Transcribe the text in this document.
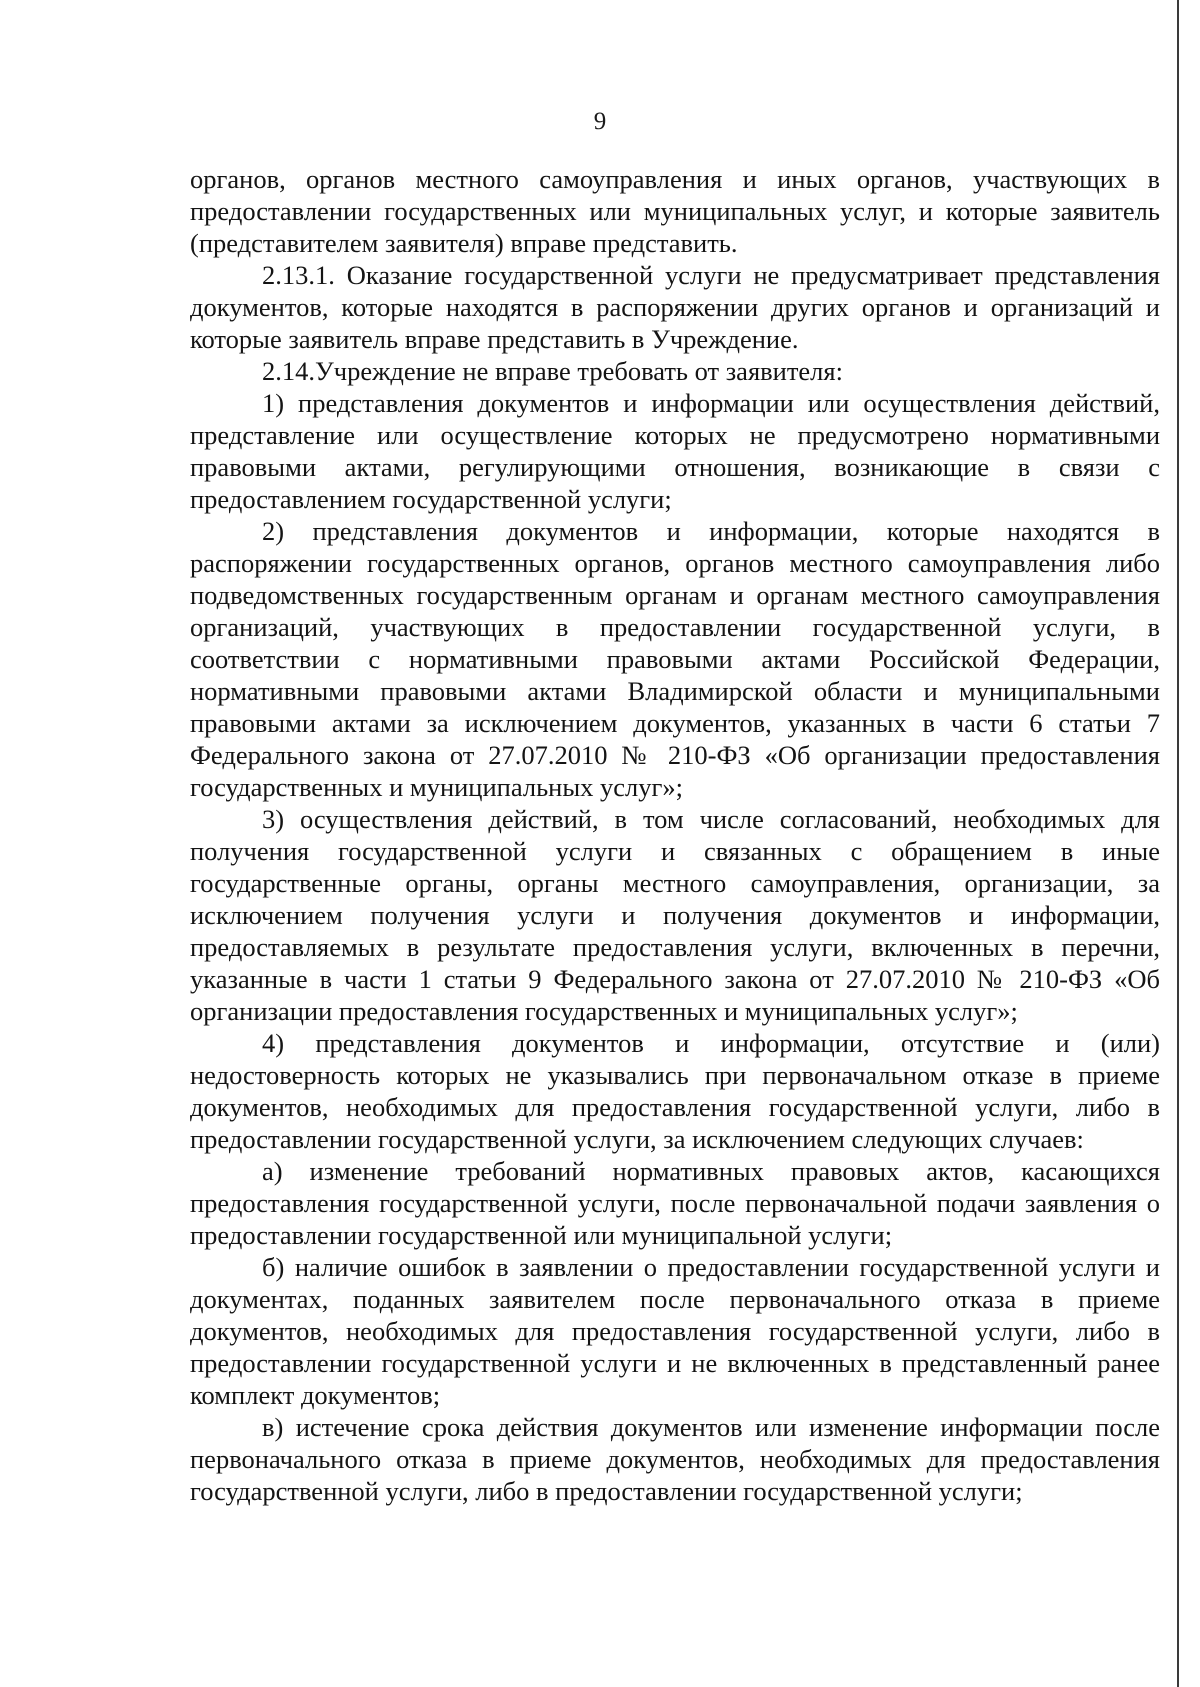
9

органов, органов местного самоуправления и иных органов, участвующих в предоставлении государственных или муниципальных услуг, и которые заявитель (представителем заявителя) вправе представить.

2.13.1. Оказание государственной услуги не предусматривает представления документов, которые находятся в распоряжении других органов и организаций и которые заявитель вправе представить в Учреждение.

2.14.Учреждение не вправе требовать от заявителя:

1) представления документов и информации или осуществления действий, представление или осуществление которых не предусмотрено нормативными правовыми актами, регулирующими отношения, возникающие в связи с предоставлением государственной услуги;

2) представления документов и информации, которые находятся в распоряжении государственных органов, органов местного самоуправления либо подведомственных государственным органам и органам местного самоуправления организаций, участвующих в предоставлении государственной услуги, в соответствии с нормативными правовыми актами Российской Федерации, нормативными правовыми актами Владимирской области и муниципальными правовыми актами за исключением документов, указанных в части 6 статьи 7 Федерального закона от 27.07.2010 № 210-ФЗ «Об организации предоставления государственных и муниципальных услуг»;

3) осуществления действий, в том числе согласований, необходимых для получения государственной услуги и связанных с обращением в иные государственные органы, органы местного самоуправления, организации, за исключением получения услуги и получения документов и информации, предоставляемых в результате предоставления услуги, включенных в перечни, указанные в части 1 статьи 9 Федерального закона от 27.07.2010 № 210-ФЗ «Об организации предоставления государственных и муниципальных услуг»;

4) представления документов и информации, отсутствие и (или) недостоверность которых не указывались при первоначальном отказе в приеме документов, необходимых для предоставления государственной услуги, либо в предоставлении государственной услуги, за исключением следующих случаев:

а) изменение требований нормативных правовых актов, касающихся предоставления государственной услуги, после первоначальной подачи заявления о предоставлении государственной или муниципальной услуги;

б) наличие ошибок в заявлении о предоставлении государственной услуги и документах, поданных заявителем после первоначального отказа в приеме документов, необходимых для предоставления государственной услуги, либо в предоставлении государственной услуги и не включенных в представленный ранее комплект документов;

в) истечение срока действия документов или изменение информации после первоначального отказа в приеме документов, необходимых для предоставления государственной услуги, либо в предоставлении государственной услуги;
